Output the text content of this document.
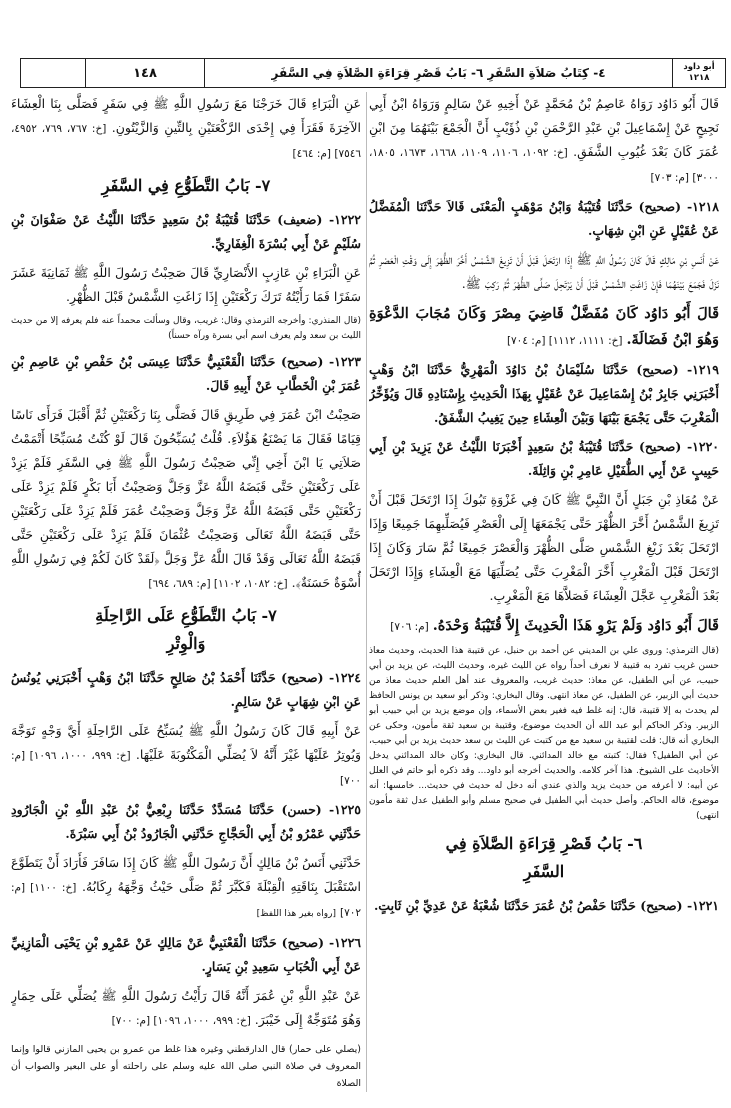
أبو داود
١٢١٨
٤- كِتَابُ صَلاَةِ السَّفَرِ ٦- بَابُ قَصْرِ قِرَاءَةِ الصَّلاَةِ فِي السَّفَرِ
١٤٨
قَالَ أَبُو دَاوُد رَوَاهُ عَاصِمُ بْنُ مُحَمَّدٍ عَنْ أَخِيهِ عَنْ سَالِمٍ وَرَوَاهُ ابْنُ أَبِي نَجِيحٍ عَنْ إِسْمَاعِيلَ بْنِ عَبْدِ الرَّحْمَنِ بْنِ ذُؤَيْبٍ أَنَّ الْجَمْعَ بَيْنَهُمَا مِنَ ابْنِ عُمَرَ كَانَ بَعْدَ غُيُوبِ الشَّفَقِ. [خ: ١٠٩٢، ١١٠٦، ١١٠٩، ١٦٦٨، ١٦٧٣، ١٨٠٥، ٣٠٠٠] [م: ٧٠٣]
١٢١٨- (صحيح) حَدَّثَنَا قُتَيْبَةُ وَابْنُ مَوْهَبٍ الْمَعْنَى قَالاَ حَدَّثَنَا الْمُفَضَّلُ عَنْ عُقَيْلٍ عَنِ ابْنِ شِهَابٍ.
عَنْ أَنَسِ بْنِ مَالِكٍ قَالَ كَانَ رَسُولُ اللَّهِ ﷺ إِذَا ارْتَحَلَ قَبْلَ أَنْ تَزِيغَ الشَّمْسُ أَخَّرَ الظُّهْرَ إِلَى وَقْتِ الْعَصْرِ ثُمَّ نَزَلَ فَجَمَعَ بَيْنَهُمَا فَإِنْ زَاغَتِ الشَّمْسُ قَبْلَ أَنْ يَرْتَحِلَ صَلَّى الظُّهْرَ ثُمَّ رَكِبَ ﷺ.
قَالَ أَبُو دَاوُد كَانَ مُفَضَّلٌ قَاضِيَ مِصْرَ وَكَانَ مُجَابَ الدَّعْوَةِ وَهُوَ ابْنُ فَضَالَةَ. [خ: ١١١١، ١١١٢] [م: ٧٠٤]
١٢١٩- (صحيح) حَدَّثَنَا سُلَيْمَانُ بْنُ دَاوُدَ الْمَهْرِيُّ حَدَّثَنَا ابْنُ وَهْبٍ أَخْبَرَنِي جَابِرُ بْنُ إِسْمَاعِيلَ عَنْ عُقَيْلٍ بِهَذَا الْحَدِيثِ بِإِسْنَادِهِ قَالَ وَيُؤَخِّرُ الْمَغْرِبَ حَتَّى يَجْمَعَ بَيْنَهَا وَبَيْنَ الْعِشَاءِ حِينَ يَغِيبُ الشَّفَقُ.
١٢٢٠- (صحيح) حَدَّثَنَا قُتَيْبَةُ بْنُ سَعِيدٍ أَخْبَرَنَا اللَّيْثُ عَنْ يَزِيدَ بْنِ أَبِي حَبِيبٍ عَنْ أَبِي الطُّفَيْلِ عَامِرِ بْنِ وَاثِلَةَ.
عَنْ مُعَاذِ بْنِ جَبَلٍ أَنَّ النَّبِيَّ ﷺ كَانَ فِي غَزْوَةِ تَبُوكَ إِذَا ارْتَحَلَ قَبْلَ أَنْ تَزِيغَ الشَّمْسُ أَخَّرَ الظُّهْرَ حَتَّى يَجْمَعَهَا إِلَى الْعَصْرِ فَيُصَلِّيهِمَا جَمِيعًا وَإِذَا ارْتَحَلَ بَعْدَ زَيْغِ الشَّمْسِ صَلَّى الظُّهْرَ وَالْعَصْرَ جَمِيعًا ثُمَّ سَارَ وَكَانَ إِذَا ارْتَحَلَ قَبْلَ الْمَغْرِبِ أَخَّرَ الْمَغْرِبَ حَتَّى يُصَلِّيَهَا مَعَ الْعِشَاءِ وَإِذَا ارْتَحَلَ بَعْدَ الْمَغْرِبِ عَجَّلَ الْعِشَاءَ فَصَلاَّهَا مَعَ الْمَغْرِبِ.
قَالَ أَبُو دَاوُد وَلَمْ يَرْوِ هَذَا الْحَدِيثَ إِلاَّ قُتَيْبَةُ وَحْدَهُ. [م: ٧٠٦]
(قال الترمذي: وروى علي بن المديني عن أحمد بن حنبل، عن قتيبة هذا الحديث، وحديث معاذ حسن غريب تفرد به قتيبة لا نعرف أحداً رواه عن الليث غيره، وحديث الليث، عن يزيد بن أبي حبيب، عن أبي الطفيل، عن معاذ: حديث غريب، والمعروف عند أهل العلم حديث معاذ من حديث أبي الزبير، عن الطفيل، عن معاذ انتهى. وقال البخاري: وذكر أبو سعيد بن يونس الحافظ لم يحدث به إلا قتيبة، قال: إنه غلط فيه فغير بعض الأسماء، وإن موضع يزيد بن أبي حبيب أبو الزبير. وذكر الحاكم أبو عبد الله أن الحديث موضوع، وقتيبة بن سعيد ثقة مأمون، وحكى عن البخاري أنه قال: قلت لقتيبة بن سعيد مع من كتبت عن الليث بن سعد حديث يزيد بن أبي حبيب، عن أبي الطفيل؟ فقال: كتبته مع خالد المدائني. قال البخاري: وكان خالد المدائني يدخل الأحاديث على الشيوخ. هذا آخر كلامه. والحديث أخرجه أبو داود... وقد ذكره أبو حاتم في العلل عن أبيه: لا أعرفه من حديث يزيد والذي عندي أنه دخل له حديث في حديث... خامسها: أنه موضوع، قاله الحاكم. وأصل حديث أبي الطفيل في صحيح مسلم وأبو الطفيل عدل ثقة مأمون انتهى)
٦- بَابُ قَصْرِ قِرَاءَةِ الصَّلاَةِ فِي
السَّفَرِ
١٢٢١- (صحيح) حَدَّثَنَا حَفْصُ بْنُ عُمَرَ حَدَّثَنَا شُعْبَةُ عَنْ عَدِيِّ بْنِ ثَابِتٍ.
عَنِ الْبَرَاءِ قَالَ خَرَجْنَا مَعَ رَسُولِ اللَّهِ ﷺ فِي سَفَرٍ فَصَلَّى بِنَا الْعِشَاءَ الآخِرَةَ فَقَرَأَ فِي إِحْدَى الرَّكْعَتَيْنِ بِالتِّينِ وَالزَّيْتُونِ. [خ: ٧٦٧، ٧٦٩، ٤٩٥٢، ٧٥٤٦] [م: ٤٦٤]
٧- بَابُ التَّطَوُّعِ فِي السَّفَرِ
١٢٢٢- (ضعيف) حَدَّثَنَا قُتَيْبَةُ بْنُ سَعِيدٍ حَدَّثَنَا اللَّيْثُ عَنْ صَفْوَانَ بْنِ سُلَيْمٍ عَنْ أَبِي بُسْرَةَ الْغِفَارِيِّ.
عَنِ الْبَرَاءِ بْنِ عَازِبٍ الأَنْصَارِيِّ قَالَ صَحِبْتُ رَسُولَ اللَّهِ ﷺ ثَمَانِيَةَ عَشَرَ سَفَرًا فَمَا رَأَيْتُهُ تَرَكَ رَكْعَتَيْنِ إِذَا زَاغَتِ الشَّمْسُ قَبْلَ الظُّهْرِ.
(قال المنذري: وأخرجه الترمذي وقال: غريب، وقال وسألت محمداً عنه فلم يعرفه إلا من حديث الليث بن سعد ولم يعرف اسم أبي بسرة ورآه حسناً)
١٢٢٣- (صحيح) حَدَّثَنَا الْقَعْنَبِيُّ حَدَّثَنَا عِيسَى بْنُ حَفْصِ بْنِ عَاصِمِ بْنِ عُمَرَ بْنِ الْخَطَّابِ عَنْ أَبِيهِ قَالَ.
صَحِبْتُ ابْنَ عُمَرَ فِي طَرِيقٍ قَالَ فَصَلَّى بِنَا رَكْعَتَيْنِ ثُمَّ أَقْبَلَ فَرَأَى نَاسًا قِيَامًا فَقَالَ مَا يَصْنَعُ هَؤُلاَءِ. قُلْتُ يُسَبِّحُونَ قَالَ لَوْ كُنْتُ مُسَبِّحًا أَتْمَمْتُ صَلاَتِي يَا ابْنَ أَخِي إِنِّي صَحِبْتُ رَسُولَ اللَّهِ ﷺ فِي السَّفَرِ فَلَمْ يَزِدْ عَلَى رَكْعَتَيْنِ حَتَّى قَبَضَهُ اللَّهُ عَزَّ وَجَلَّ وَصَحِبْتُ أَبَا بَكْرٍ فَلَمْ يَزِدْ عَلَى رَكْعَتَيْنِ حَتَّى قَبَضَهُ اللَّهُ عَزَّ وَجَلَّ وَصَحِبْتُ عُمَرَ فَلَمْ يَزِدْ عَلَى رَكْعَتَيْنِ حَتَّى قَبَضَهُ اللَّهُ تَعَالَى وَصَحِبْتُ عُثْمَانَ فَلَمْ يَزِدْ عَلَى رَكْعَتَيْنِ حَتَّى قَبَضَهُ اللَّهُ تَعَالَى وَقَدْ قَالَ اللَّهُ عَزَّ وَجَلَّ ﴿لَقَدْ كَانَ لَكُمْ فِي رَسُولِ اللَّهِ أُسْوَةٌ حَسَنَةٌ﴾. [خ: ١٠٨٢، ١١٠٢] [م: ٦٨٩، ٦٩٤]
٧- بَابُ التَّطَوُّعِ عَلَى الرَّاحِلَةِ
وَالْوِتْرِ
١٢٢٤- (صحيح) حَدَّثَنَا أَحْمَدُ بْنُ صَالِحٍ حَدَّثَنَا ابْنُ وَهْبٍ أَخْبَرَنِي يُونُسُ عَنِ ابْنِ شِهَابٍ عَنْ سَالِمٍ.
عَنْ أَبِيهِ قَالَ كَانَ رَسُولُ اللَّهِ ﷺ يُسَبِّحُ عَلَى الرَّاحِلَةِ أَيَّ وَجْهٍ تَوَجَّهَ وَيُوتِرُ عَلَيْهَا غَيْرَ أَنَّهُ لاَ يُصَلِّي الْمَكْتُوبَةَ عَلَيْهَا. [خ: ٩٩٩، ١٠٠٠، ١٠٩٦] [م: ٧٠٠]
١٢٢٥- (حسن) حَدَّثَنَا مُسَدَّدٌ حَدَّثَنَا رِبْعِيُّ بْنُ عَبْدِ اللَّهِ بْنِ الْجَارُودِ حَدَّثَنِي عَمْرُو بْنُ أَبِي الْحَجَّاجِ حَدَّثَنِي الْجَارُودُ بْنُ أَبِي سَبْرَةَ.
حَدَّثَنِي أَنَسُ بْنُ مَالِكٍ أَنَّ رَسُولَ اللَّهِ ﷺ كَانَ إِذَا سَافَرَ فَأَرَادَ أَنْ يَتَطَوَّعَ اسْتَقْبَلَ بِنَاقَتِهِ الْقِبْلَةَ فَكَبَّرَ ثُمَّ صَلَّى حَيْثُ وَجَّهَهُ رِكَابُهُ. [خ: ١١٠٠] [م: ٧٠٢] [رواه بغير هذا اللفظ]
١٢٢٦- (صحيح) حَدَّثَنَا الْقَعْنَبِيُّ عَنْ مَالِكٍ عَنْ عَمْرِو بْنِ يَحْيَى الْمَازِنِيِّ عَنْ أَبِي الْحُبَابِ سَعِيدِ بْنِ يَسَارٍ.
عَنْ عَبْدِ اللَّهِ بْنِ عُمَرَ أَنَّهُ قَالَ رَأَيْتُ رَسُولَ اللَّهِ ﷺ يُصَلِّي عَلَى حِمَارٍ وَهُوَ مُتَوَجِّهٌ إِلَى خَيْبَرَ. [خ: ٩٩٩، ١٠٠٠، ١٠٩٦] [م: ٧٠٠]
(يصلي على حمار) قال الدارقطني وغيره هذا غلط من عمرو بن يحيى المازني قالوا وإنما المعروف في صلاة النبي صلى الله عليه وسلم على راحلته أو على البعير والصواب أن الصلاة
